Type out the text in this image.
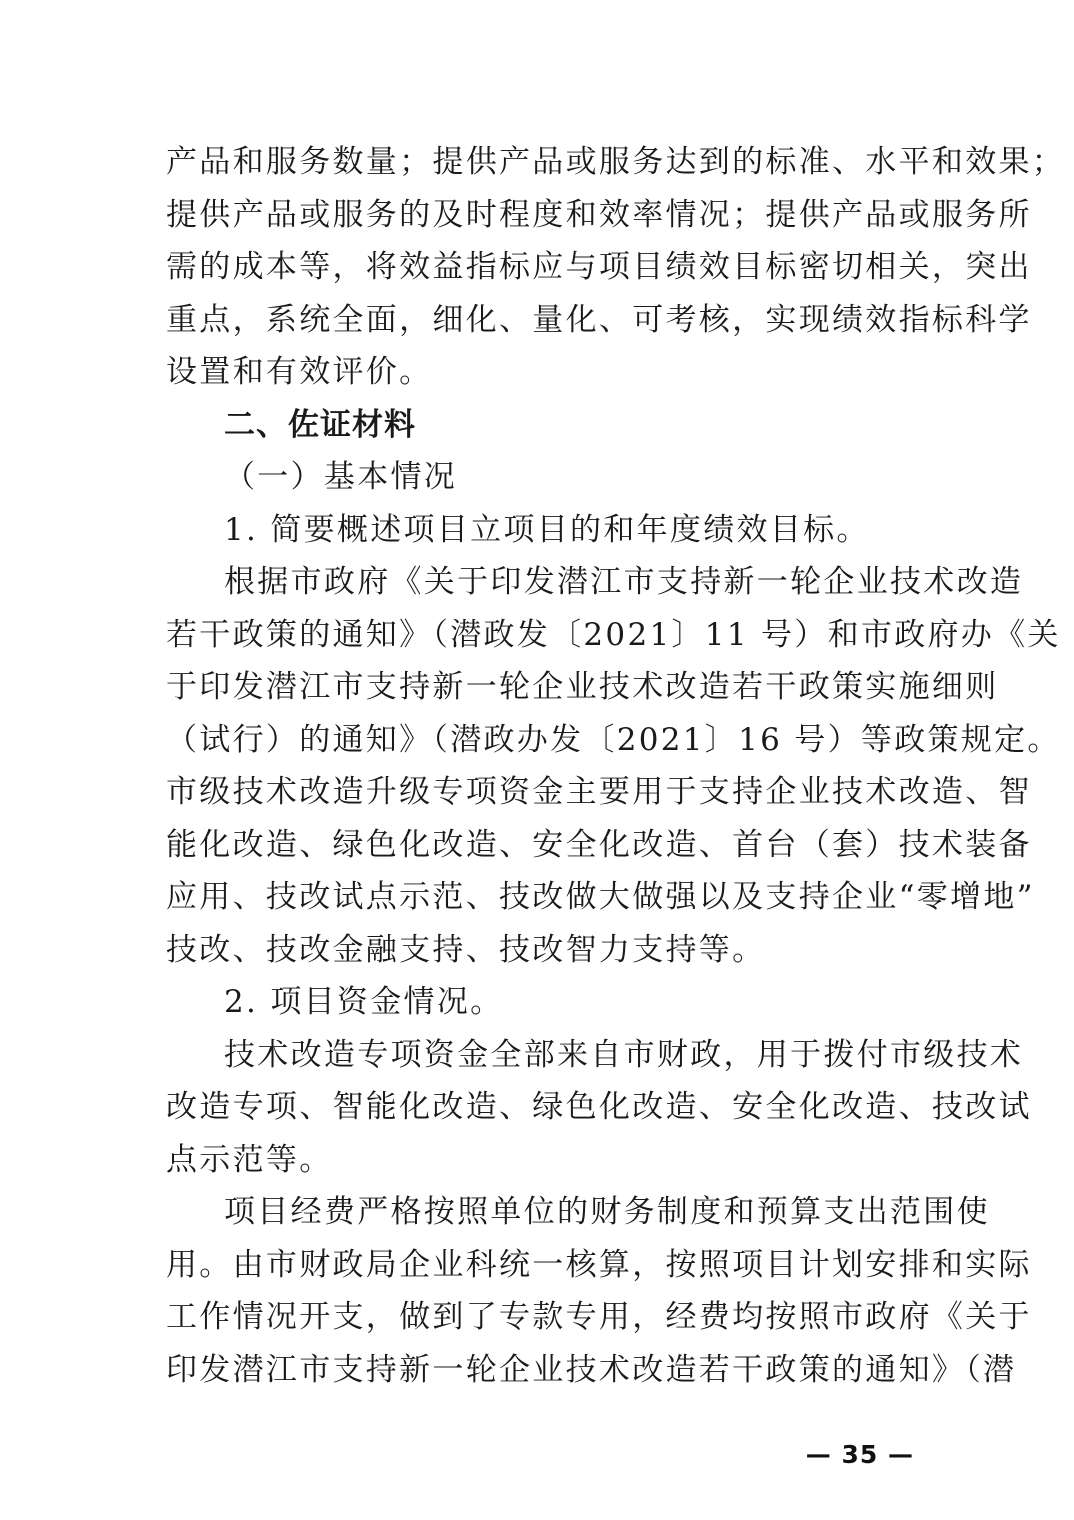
产品和服务数量；提供产品或服务达到的标准、水平和效果；
提供产品或服务的及时程度和效率情况；提供产品或服务所
需的成本等，将效益指标应与项目绩效目标密切相关，突出
重点，系统全面，细化、量化、可考核，实现绩效指标科学
设置和有效评价。
二、佐证材料
（一）基本情况
1. 简要概述项目立项目的和年度绩效目标。
根据市政府《关于印发潜江市支持新一轮企业技术改造
若干政策的通知》（潜政发〔2021〕11 号）和市政府办《关
于印发潜江市支持新一轮企业技术改造若干政策实施细则
（试行）的通知》（潜政办发〔2021〕16 号）等政策规定。
市级技术改造升级专项资金主要用于支持企业技术改造、智
能化改造、绿色化改造、安全化改造、首台（套）技术装备
应用、技改试点示范、技改做大做强以及支持企业“零增地”
技改、技改金融支持、技改智力支持等。
2. 项目资金情况。
技术改造专项资金全部来自市财政，用于拨付市级技术
改造专项、智能化改造、绿色化改造、安全化改造、技改试
点示范等。
项目经费严格按照单位的财务制度和预算支出范围使
用。由市财政局企业科统一核算，按照项目计划安排和实际
工作情况开支，做到了专款专用，经费均按照市政府《关于
印发潜江市支持新一轮企业技术改造若干政策的通知》（潜
— 35 —
